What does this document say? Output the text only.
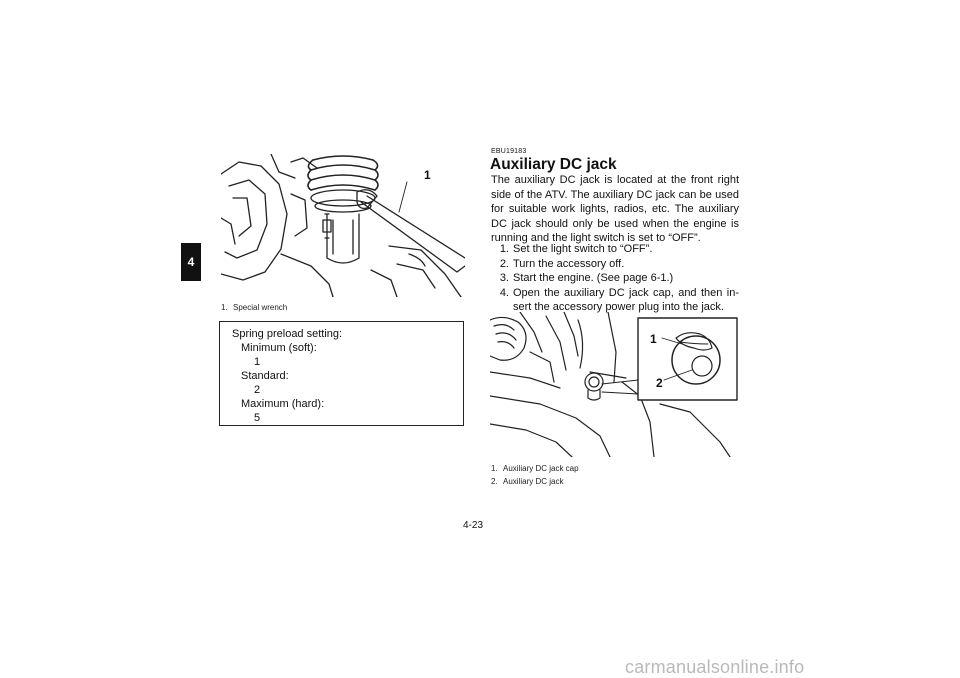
4
1
1. Special wrench
Spring preload setting:
Minimum (soft):
1
Standard:
2
Maximum (hard):
5
EBU19183
Auxiliary DC jack
The auxiliary DC jack is located at the front right side of the ATV. The auxiliary DC jack can be used for suitable work lights, radios, etc. The auxiliary DC jack should only be used when the engine is running and the light switch is set to “OFF”.
1. Set the light switch to “OFF”.
2. Turn the accessory off.
3. Start the engine. (See page 6-1.)
4. Open the auxiliary DC jack cap, and then in-sert the accessory power plug into the jack.
1
2
1. Auxiliary DC jack cap
2. Auxiliary DC jack
4-23
carmanualsonline.info
